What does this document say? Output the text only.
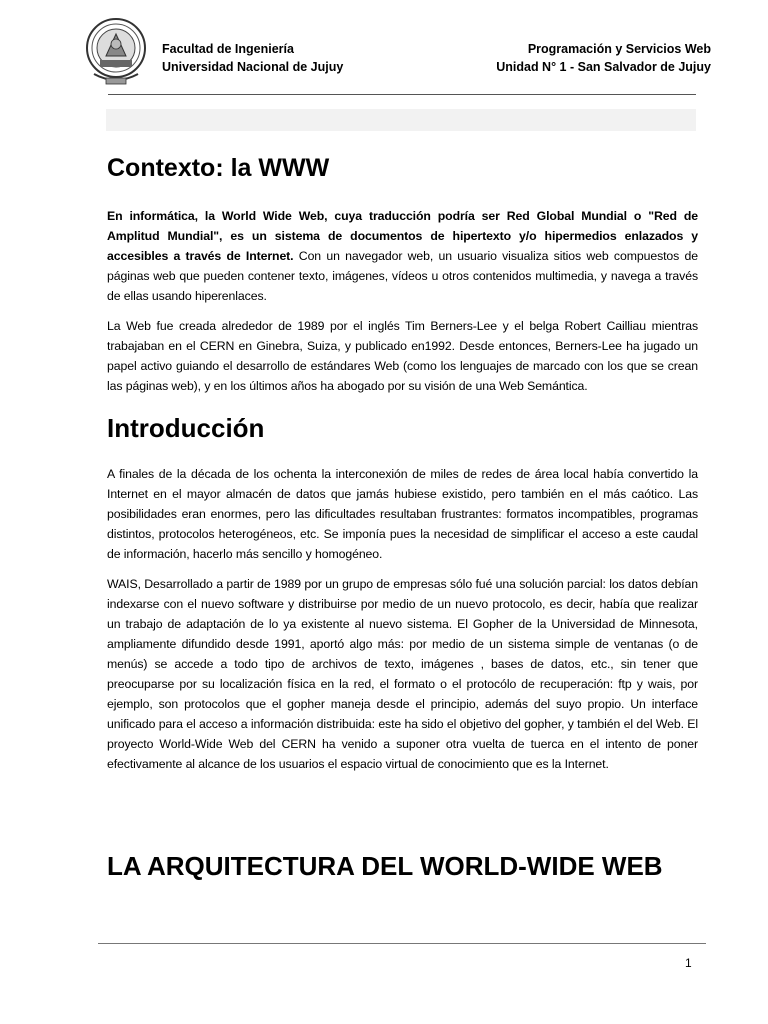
Facultad de Ingeniería
Universidad Nacional de Jujuy
Programación y Servicios Web
Unidad N° 1 - San Salvador de Jujuy
Contexto: la WWW

En informática, la World Wide Web, cuya traducción podría ser Red Global Mundial o "Red de Amplitud Mundial", es un sistema de documentos de hipertexto y/o hipermedios enlazados y accesibles a través de Internet. Con un navegador web, un usuario visualiza sitios web compuestos de páginas web que pueden contener texto, imágenes, vídeos u otros contenidos multimedia, y navega a través de ellas usando hiperenlaces.

La Web fue creada alrededor de 1989 por el inglés Tim Berners-Lee y el belga Robert Cailliau mientras trabajaban en el CERN en Ginebra, Suiza, y publicado en1992. Desde entonces, Berners-Lee ha jugado un papel activo guiando el desarrollo de estándares Web (como los lenguajes de marcado con los que se crean las páginas web), y en los últimos años ha abogado por su visión de una Web Semántica.

Introducción

A finales de la década de los ochenta la interconexión de miles de redes de área local había convertido la Internet en el mayor almacén de datos que jamás hubiese existido, pero también en el más caótico. Las posibilidades eran enormes, pero las dificultades resultaban frustrantes: formatos incompatibles, programas distintos, protocolos heterogéneos, etc. Se imponía pues la necesidad de simplificar el acceso a este caudal de información, hacerlo más sencillo y homogéneo.

WAIS, Desarrollado a partir de 1989 por un grupo de empresas sólo fué una solución parcial: los datos debían indexarse con el nuevo software y distribuirse por medio de un nuevo protocolo, es decir, había que realizar un trabajo de adaptación de lo ya existente al nuevo sistema. El Gopher de la Universidad de Minnesota, ampliamente difundido desde 1991, aportó algo más: por medio de un sistema simple de ventanas (o de menús) se accede a todo tipo de archivos de texto, imágenes , bases de datos, etc., sin tener que preocuparse por su localización física en la red, el formato o el protocólo de recuperación: ftp y wais, por ejemplo, son protocolos que el gopher maneja desde el principio, además del suyo propio. Un interface unificado para el acceso a información distribuida: este ha sido el objetivo del gopher, y también el del Web. El proyecto World-Wide Web del CERN ha venido a suponer otra vuelta de tuerca en el intento de poner efectivamente al alcance de los usuarios el espacio virtual de conocimiento que es la Internet.

LA ARQUITECTURA DEL WORLD-WIDE WEB
1
